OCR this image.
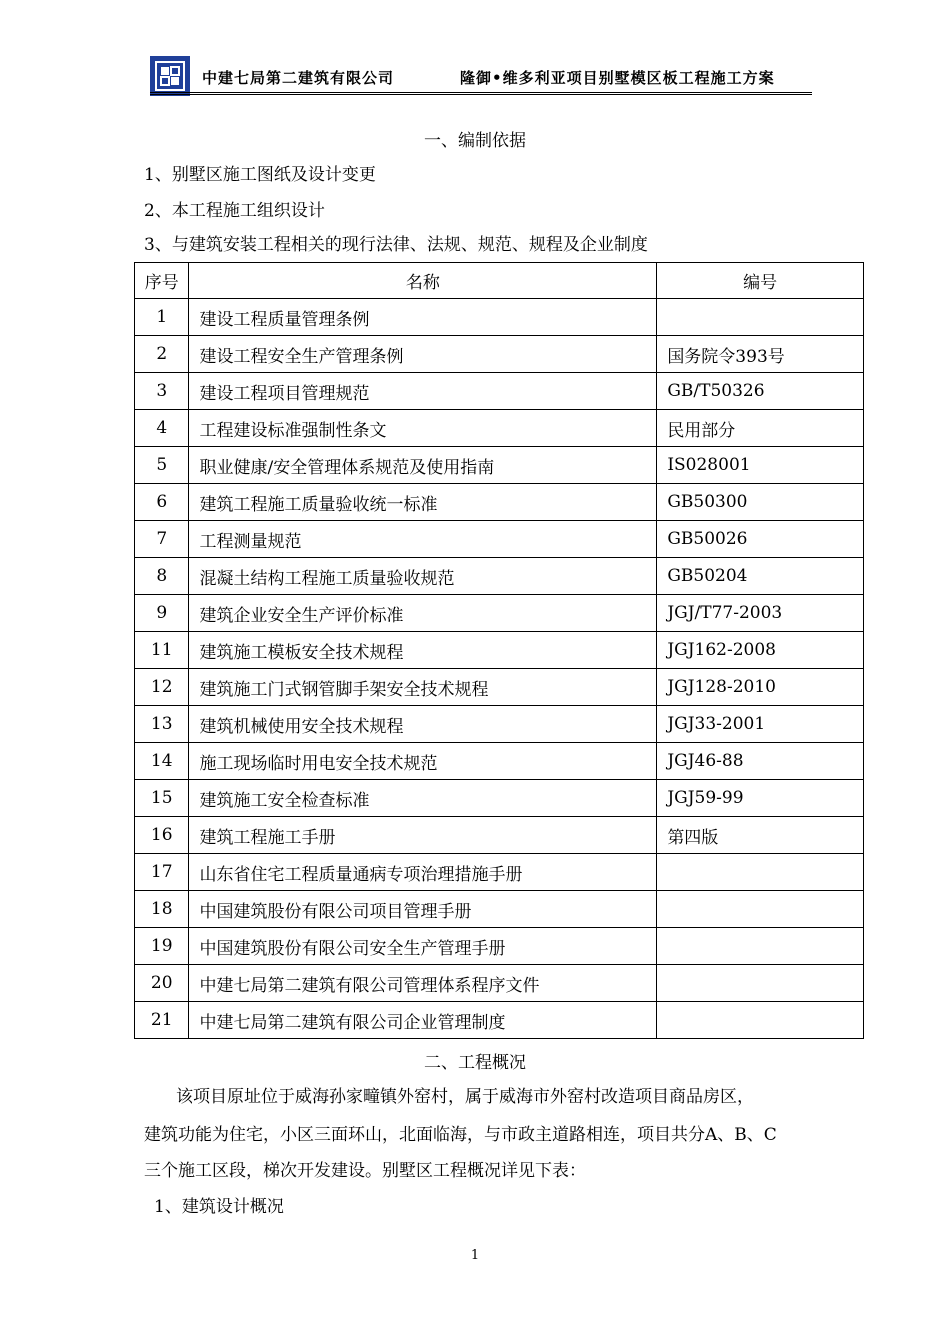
中建七局第二建筑有限公司	隆御•维多利亚项目别墅模区板工程施工方案
一、编制依据
1、别墅区施工图纸及设计变更
2、本工程施工组织设计
3、与建筑安装工程相关的现行法律、法规、规范、规程及企业制度
序号	名称	编号
1	建设工程质量管理条例	
2	建设工程安全生产管理条例	国务院令393号
3	建设工程项目管理规范	GB/T50326
4	工程建设标准强制性条文	民用部分
5	职业健康/安全管理体系规范及使用指南	IS028001
6	建筑工程施工质量验收统一标准	GB50300
7	工程测量规范	GB50026
8	混凝土结构工程施工质量验收规范	GB50204
9	建筑企业安全生产评价标准	JGJ/T77-2003
11	建筑施工模板安全技术规程	JGJ162-2008
12	建筑施工门式钢管脚手架安全技术规程	JGJ128-2010
13	建筑机械使用安全技术规程	JGJ33-2001
14	施工现场临时用电安全技术规范	JGJ46-88
15	建筑施工安全检查标准	JGJ59-99
16	建筑工程施工手册	第四版
17	山东省住宅工程质量通病专项治理措施手册	
18	中国建筑股份有限公司项目管理手册	
19	中国建筑股份有限公司安全生产管理手册	
20	中建七局第二建筑有限公司管理体系程序文件	
21	中建七局第二建筑有限公司企业管理制度	
二、工程概况
该项目原址位于威海孙家疃镇外窑村，属于威海市外窑村改造项目商品房区，
建筑功能为住宅，小区三面环山，北面临海，与市政主道路相连，项目共分A、B、C
三个施工区段，梯次开发建设。别墅区工程概况详见下表：
1、建筑设计概况
1
